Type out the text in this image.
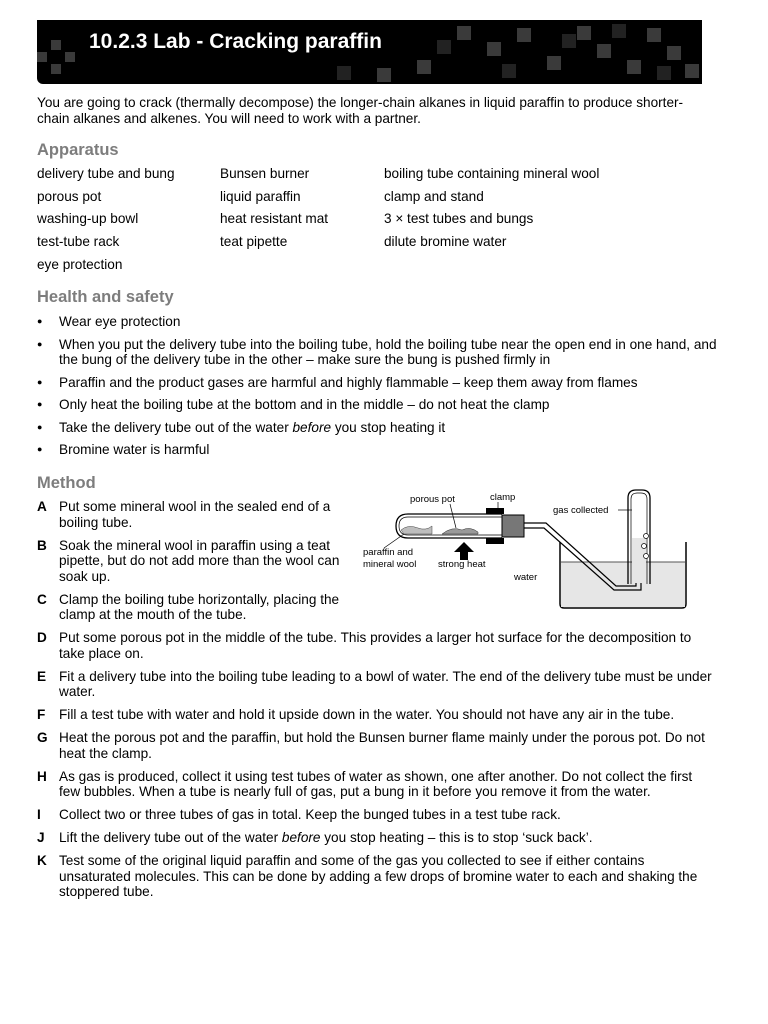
10.2.3 Lab - Cracking paraffin
You are going to crack (thermally decompose) the longer-chain alkanes in liquid paraffin to produce shorter-chain alkanes and alkenes. You will need to work with a partner.
Apparatus
delivery tube and bung
porous pot
washing-up bowl
test-tube rack
eye protection
Bunsen burner
liquid paraffin
heat resistant mat
teat pipette
boiling tube containing mineral wool
clamp and stand
3 × test tubes and bungs
dilute bromine water
Health and safety
● Wear eye protection
● When you put the delivery tube into the boiling tube, hold the boiling tube near the open end in one hand, and the bung of the delivery tube in the other – make sure the bung is pushed firmly in
● Paraffin and the product gases are harmful and highly flammable – keep them away from flames
● Only heat the boiling tube at the bottom and in the middle – do not heat the clamp
● Take the delivery tube out of the water before you stop heating it
● Bromine water is harmful
Method
A Put some mineral wool in the sealed end of a boiling tube.
B Soak the mineral wool in paraffin using a teat pipette, but do not add more than the wool can soak up.
C Clamp the boiling tube horizontally, placing the clamp at the mouth of the tube.
D Put some porous pot in the middle of the tube. This provides a larger hot surface for the decomposition to take place on.
E Fit a delivery tube into the boiling tube leading to a bowl of water. The end of the delivery tube must be under water.
F Fill a test tube with water and hold it upside down in the water. You should not have any air in the tube.
G Heat the porous pot and the paraffin, but hold the Bunsen burner flame mainly under the porous pot. Do not heat the clamp.
H As gas is produced, collect it using test tubes of water as shown, one after another. Do not collect the first few bubbles. When a tube is nearly full of gas, put a bung in it before you remove it from the water.
I Collect two or three tubes of gas in total. Keep the bunged tubes in a test tube rack.
J Lift the delivery tube out of the water before you stop heating – this is to stop ‘suck back’.
K Test some of the original liquid paraffin and some of the gas you collected to see if either contains unsaturated molecules. This can be done by adding a few drops of bromine water to each and shaking the stoppered tube.
porous pot	clamp
gas collected
paraffin and
mineral wool strong heat
water
